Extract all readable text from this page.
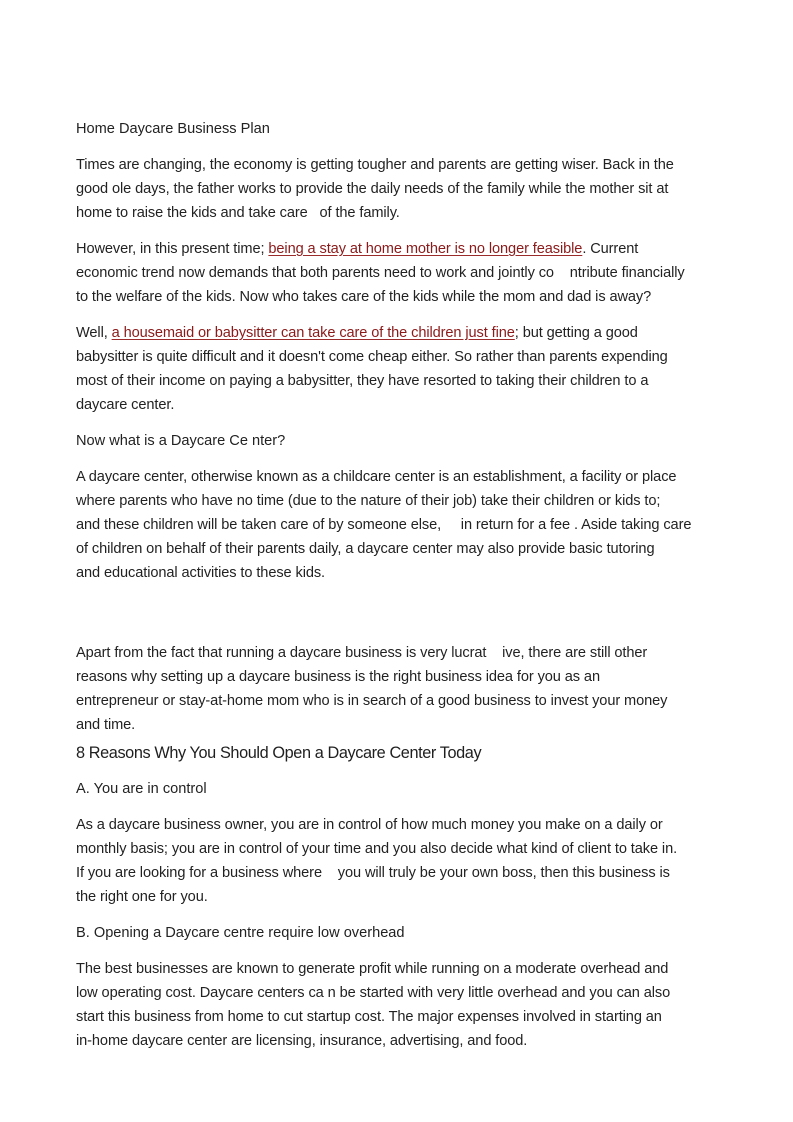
Home Daycare Business Plan
Times are changing, the economy is getting tougher and parents are getting wiser. Back in the
good ole days, the father works to provide the daily needs of the family while the mother sit at
home to raise the kids and take care   of the family.
However, in this present time; being a stay at home mother is no longer feasible. Current
economic trend now demands that both parents need to work and jointly co    ntribute financially
to the welfare of the kids. Now who takes care of the kids while the mom and dad is away?
Well, a housemaid or babysitter can take care of the children just fine; but getting a good
babysitter is quite difficult and it doesn't come cheap either. So rather than parents expending
most of their income on paying a babysitter, they have resorted to taking their children to a
daycare center.
Now what is a Daycare Ce nter?
A daycare center, otherwise known as a childcare center is an establishment, a facility or place
where parents who have no time (due to the nature of their job) take their children or kids to;
and these children will be taken care of by someone else,     in return for a fee . Aside taking care
of children on behalf of their parents daily, a daycare center may also provide basic tutoring
and educational activities to these kids.
Apart from the fact that running a daycare business is very lucrat    ive, there are still other
reasons why setting up a daycare business is the right business idea for you as an
entrepreneur or stay-at-home mom who is in search of a good business to invest your money
and time.
8 Reasons Why You Should Open a Daycare Center Today
A. You are in control
As a daycare business owner, you are in control of how much money you make on a daily or
monthly basis; you are in control of your time and you also decide what kind of client to take in.
If you are looking for a business where    you will truly be your own boss, then this business is
the right one for you.
B. Opening a Daycare centre require low overhead
The best businesses are known to generate profit while running on a moderate overhead and
low operating cost. Daycare centers ca n be started with very little overhead and you can also
start this business from home to cut startup cost. The major expenses involved in starting an
in-home daycare center are licensing, insurance, advertising, and food.
